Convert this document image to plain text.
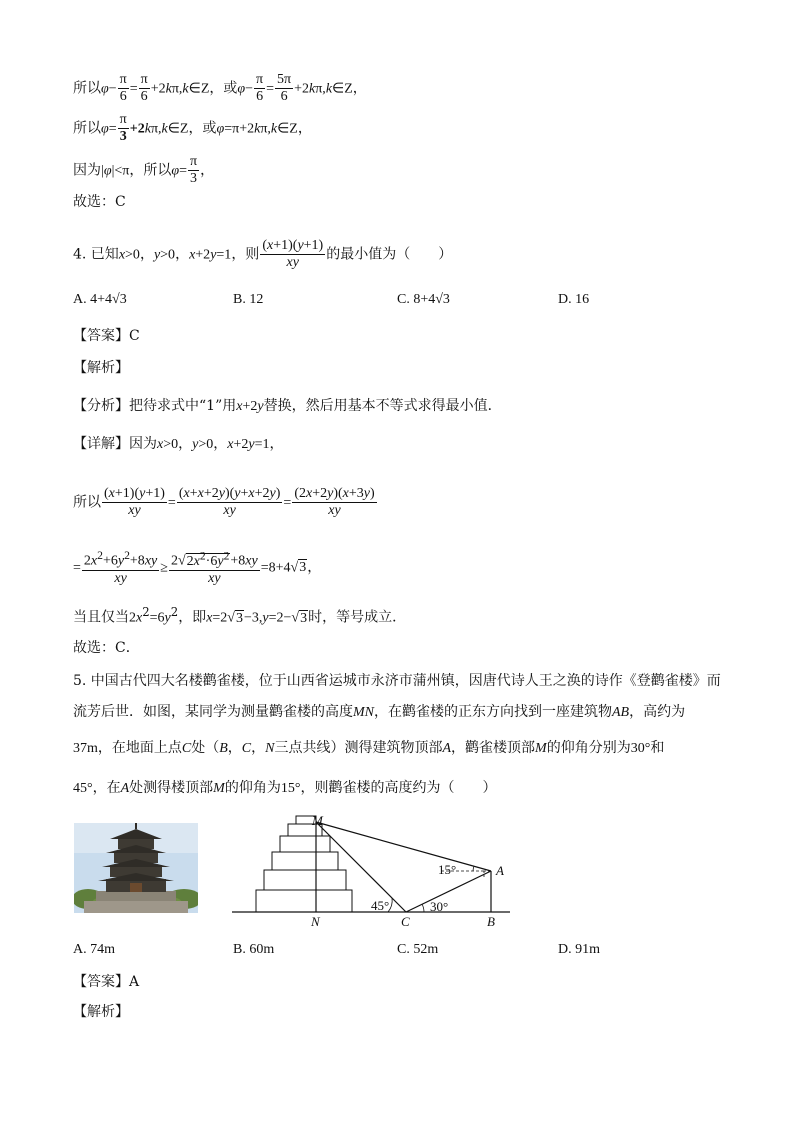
所以$\varphi- \frac{\pi}{6} = \frac{\pi}{6}$ +2kπ,k∈Z，或$\varphi- \frac{\pi}{6} = \frac{5\pi}{6}$ +2kπ,k∈Z，
所以$\varphi= \frac{\pi}{3}$ +2kπ,k∈Z，或φ=π+2kπ,k∈Z，
因为|φ|<π，所以$\varphi= \frac{\pi}{3}$ ，
故选：C
4. 已知x>0，y>0，x+2y=1，则 $\frac{(x+1)(y+1)}{xy}$ 的最小值为（　　）
A. 4+4√3	B. 12	C. 8+4√3	D. 16
【答案】C
【解析】
【分析】把待求式中“1”用x+2y替换，然后用基本不等式求得最小值．
【详解】因为x>0，y>0，x+2y=1，
所以 $\frac{(x+1)(y+1)}{xy} = \frac{(x+x+2y)(y+x+2y)}{xy} = \frac{(2x+2y)(x+3y)}{xy}$
= $\frac{2x^2+6y^2+8xy}{xy} \ge \frac{2√2x^2\cdot 6y^2+8xy}{xy} =8+4√3$，
当且仅当$2x^2=6y^2$，即x=2√3−3,y=2−√3时，等号成立．
故选：C．
5. 中国古代四大名楼鹳雀楼，位于山西省运城市永济市蒲州镇，因唐代诗人王之涣的诗作《登鹳雀楼》而
流芳后世．如图，某同学为测量鹳雀楼的高度MN，在鹳雀楼的正东方向找到一座建筑物AB，高约为
37m，在地面上点C处（B，C，N三点共线）测得建筑物顶部A，鹳雀楼顶部M的仰角分别为30°和
45°，在A处测得楼顶部M的仰角为15°，则鹳雀楼的高度约为（　　）
M
A
N	C	B
15°
45°	30°
A. 74m	B. 60m	C. 52m	D. 91m
【答案】A
【解析】
